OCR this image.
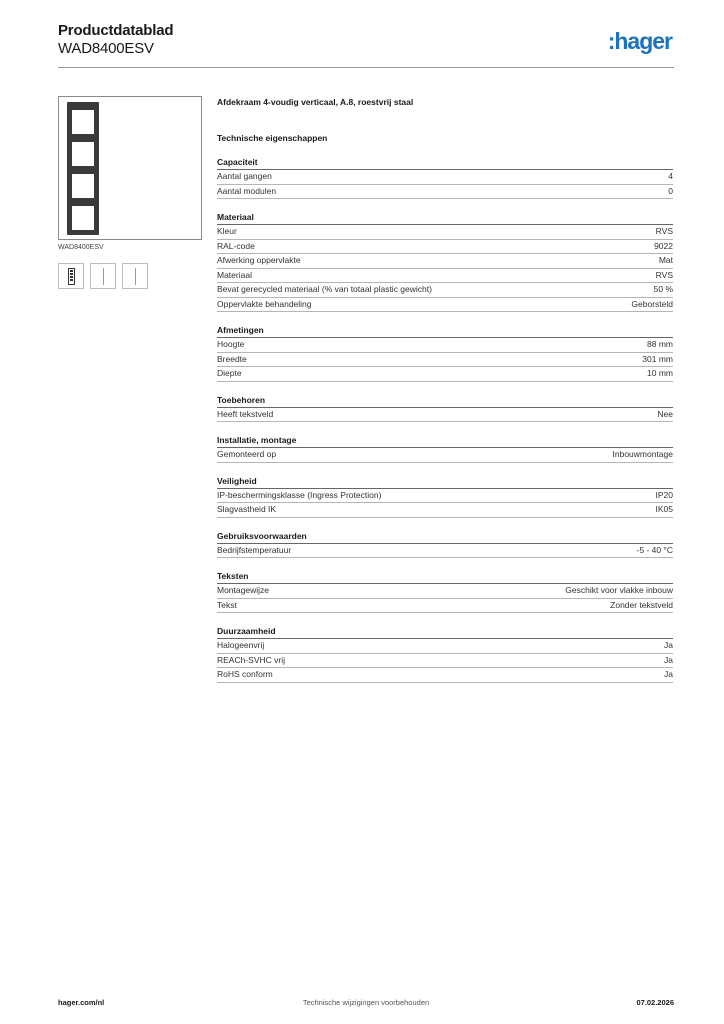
Productdatablad
WAD8400ESV	:hager
WAD8400ESV
Afdekraam 4-voudig verticaal, A.8, roestvrij staal
Technische eigenschappen
Capaciteit
Aantal gangen	4
Aantal modulen	0
Materiaal
Kleur	RVS
RAL-code	9022
Afwerking oppervlakte	Mat
Materiaal	RVS
Bevat gerecycled materiaal (% van totaal plastic gewicht)	50 %
Oppervlakte behandeling	Geborsteld
Afmetingen
Hoogte	88 mm
Breedte	301 mm
Diepte	10 mm
Toebehoren
Heeft tekstveld	Nee
Installatie, montage
Gemonteerd op	Inbouwmontage
Veiligheid
IP-beschermingsklasse (Ingress Protection)	IP20
Slagvastheid IK	IK05
Gebruiksvoorwaarden
Bedrijfstemperatuur	-5 - 40 °C
Teksten
Montagewijze	Geschikt voor vlakke inbouw
Tekst	Zonder tekstveld
Duurzaamheid
Halogeenvrij	Ja
REACh-SVHC vrij	Ja
RoHS conform	Ja
hager.com/nl	Technische wijzigingen voorbehouden	07.02.2026
